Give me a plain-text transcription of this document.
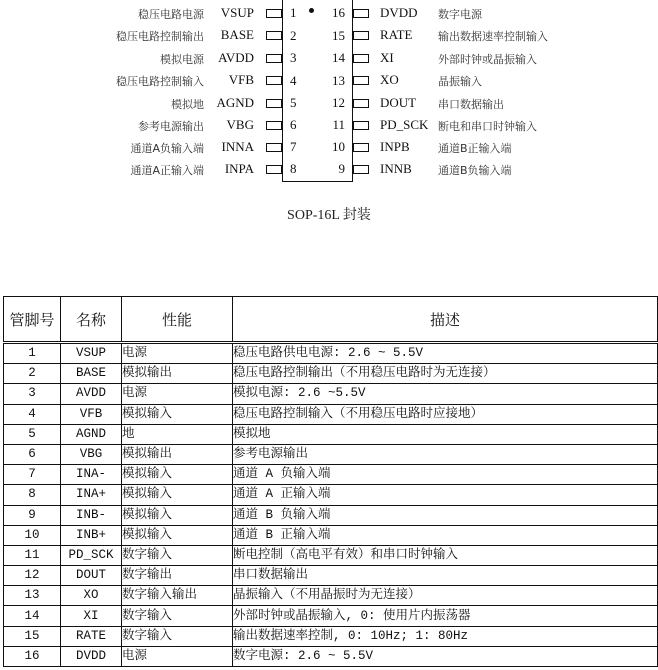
稳压电路电源	VSUP	1
稳压电路控制输出	BASE	2
模拟电源	AVDD	3
稳压电路控制输入	VFB	4
模拟地 AGND	5
参考电源输出	VBG	6
通道A负输入端	INNA	7
通道A正输入端	INPA	8
16	DVDD 数字电源
15	RATE 输出数据速率控制输入
14	XI	外部时钟或晶振输入
13	XO	晶振输入
12	DOUT 串口数据输出
11	PD_SCK 断电和串口时钟输入
10	INPB	通道B正输入端
9	INNB 通道B负输入端
SOP-16L 封装
管脚号	名称	性能	描述
1	VSUP	电源	稳压电路供电电源: 2.6 ~ 5.5V
2	BASE	模拟输出	稳压电路控制输出（不用稳压电路时为无连接）
3	AVDD	电源	模拟电源: 2.6 ~5.5V
4	VFB	模拟输入	稳压电路控制输入（不用稳压电路时应接地）
5	AGND	地	模拟地
6	VBG	模拟输出	参考电源输出
7	INA-	模拟输入	通道 A 负输入端
8	INA+	模拟输入	通道 A 正输入端
9	INB-	模拟输入	通道 B 负输入端
10	INB+	模拟输入	通道 B 正输入端
11	PD_SCK	数字输入	断电控制（高电平有效）和串口时钟输入
12	DOUT	数字输出	串口数据输出
13	XO	数字输入输出	晶振输入（不用晶振时为无连接）
14	XI	数字输入	外部时钟或晶振输入, 0: 使用片内振荡器
15	RATE	数字输入	输出数据速率控制, 0: 10Hz; 1: 80Hz
16	DVDD	电源	数字电源: 2.6 ~ 5.5V
